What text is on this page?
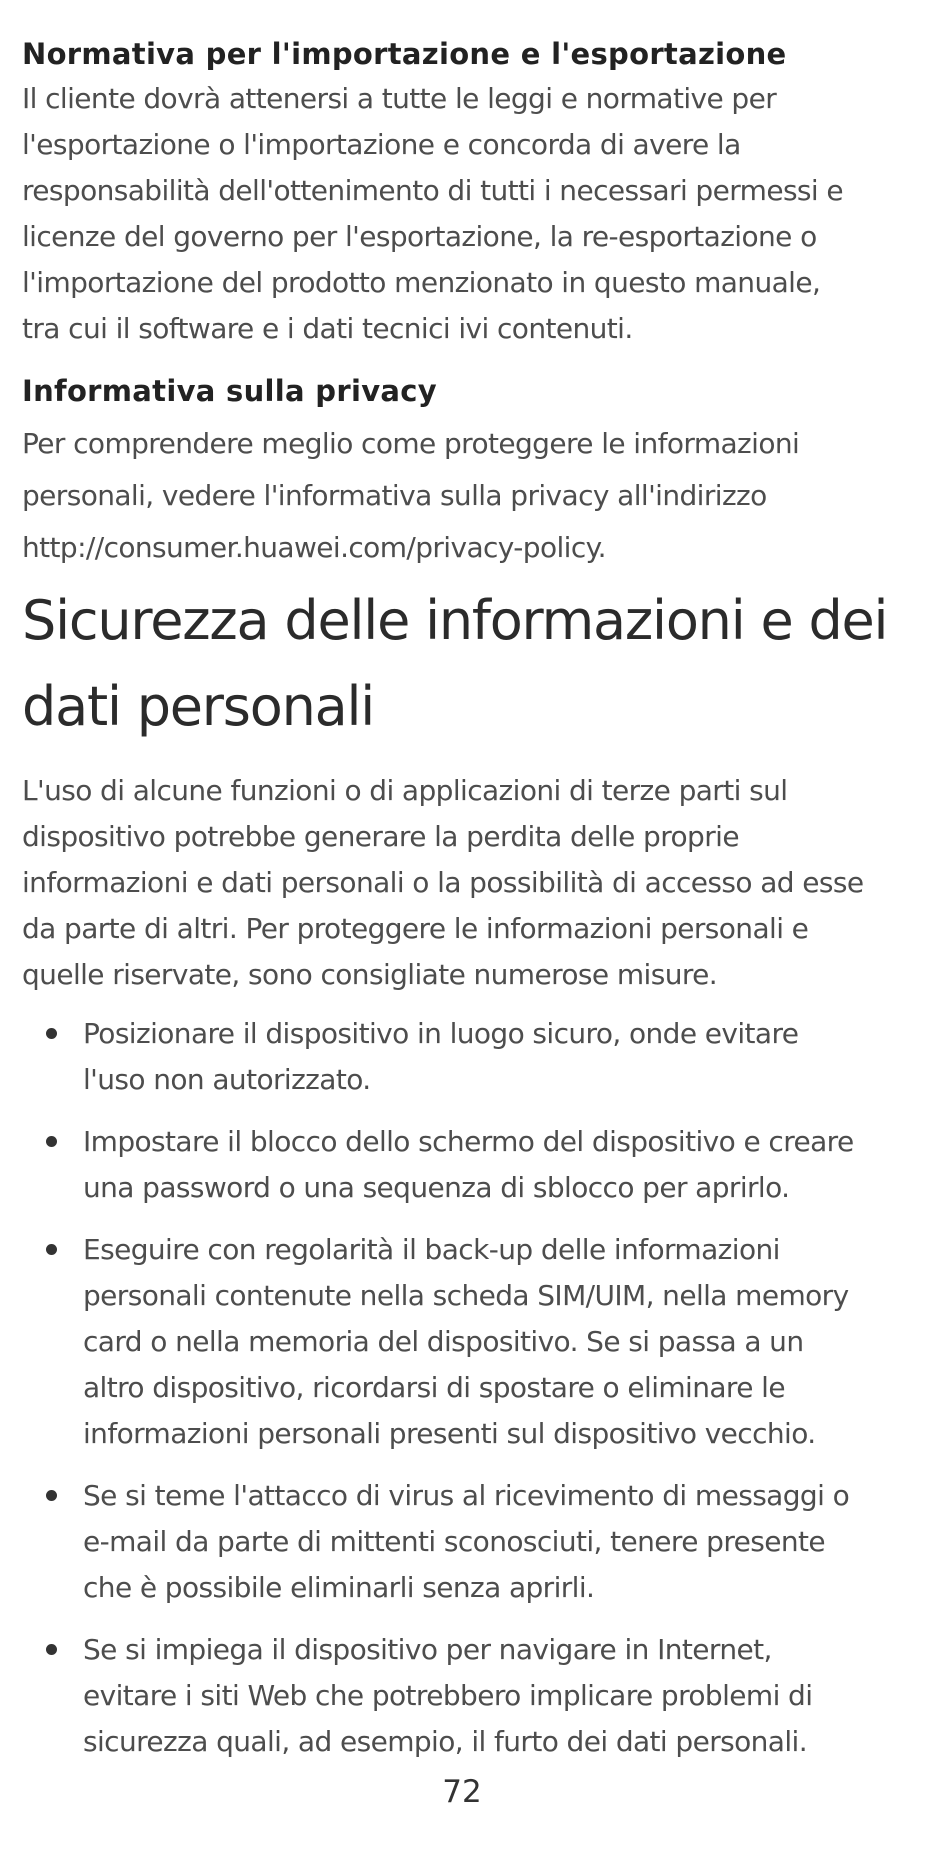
Normativa per l'importazione e l'esportazione

Il cliente dovrà attenersi a tutte le leggi e normative per
l'esportazione o l'importazione e concorda di avere la
responsabilità dell'ottenimento di tutti i necessari permessi e
licenze del governo per l'esportazione, la re-esportazione o
l'importazione del prodotto menzionato in questo manuale,
tra cui il software e i dati tecnici ivi contenuti.

Informativa sulla privacy

Per comprendere meglio come proteggere le informazioni
personali, vedere l'informativa sulla privacy all'indirizzo
http://consumer.huawei.com/privacy-policy.

Sicurezza delle informazioni e dei
dati personali

L'uso di alcune funzioni o di applicazioni di terze parti sul
dispositivo potrebbe generare la perdita delle proprie
informazioni e dati personali o la possibilità di accesso ad esse
da parte di altri. Per proteggere le informazioni personali e
quelle riservate, sono consigliate numerose misure.

Posizionare il dispositivo in luogo sicuro, onde evitare
l'uso non autorizzato.

Impostare il blocco dello schermo del dispositivo e creare
una password o una sequenza di sblocco per aprirlo.

Eseguire con regolarità il back-up delle informazioni
personali contenute nella scheda SIM/UIM, nella memory
card o nella memoria del dispositivo. Se si passa a un
altro dispositivo, ricordarsi di spostare o eliminare le
informazioni personali presenti sul dispositivo vecchio.

Se si teme l'attacco di virus al ricevimento di messaggi o
e-mail da parte di mittenti sconosciuti, tenere presente
che è possibile eliminarli senza aprirli.

Se si impiega il dispositivo per navigare in Internet,
evitare i siti Web che potrebbero implicare problemi di
sicurezza quali, ad esempio, il furto dei dati personali.

72
